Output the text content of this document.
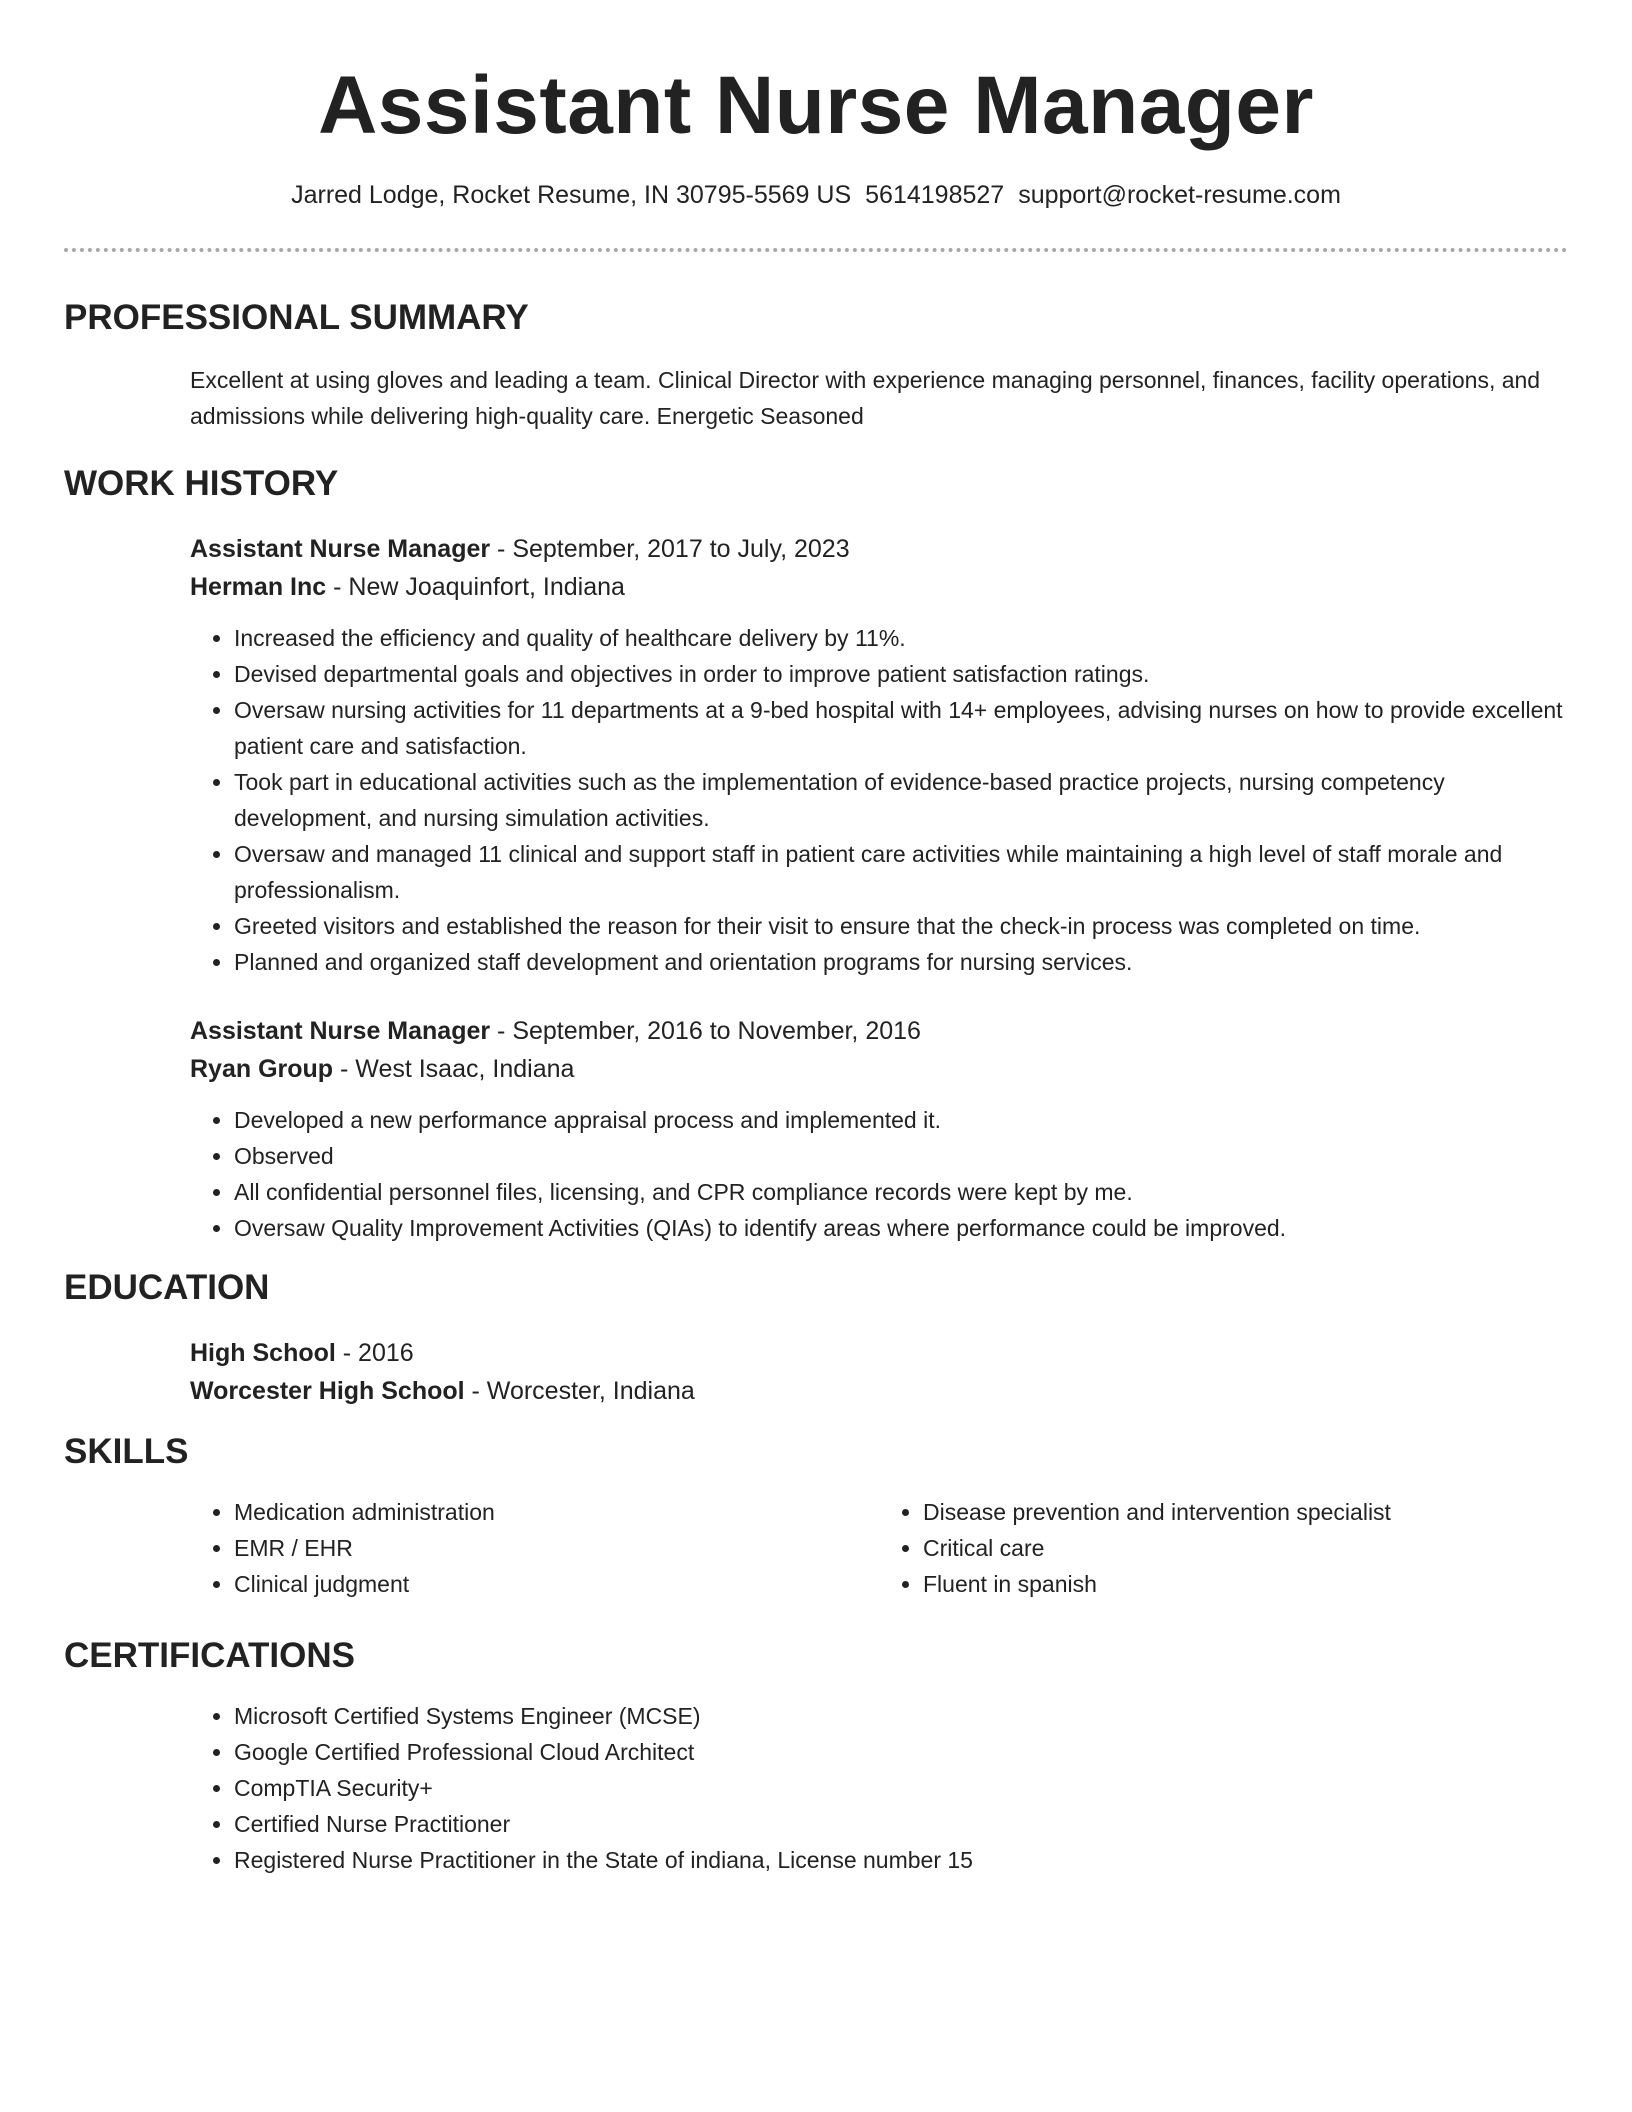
Assistant Nurse Manager
Jarred Lodge, Rocket Resume, IN 30795-5569 US 5614198527 support@rocket-resume.com
PROFESSIONAL SUMMARY
Excellent at using gloves and leading a team. Clinical Director with experience managing personnel, finances, facility operations, and admissions while delivering high-quality care. Energetic Seasoned
WORK HISTORY
Assistant Nurse Manager - September, 2017 to July, 2023
Herman Inc - New Joaquinfort, Indiana
• Increased the efficiency and quality of healthcare delivery by 11%.
• Devised departmental goals and objectives in order to improve patient satisfaction ratings.
• Oversaw nursing activities for 11 departments at a 9-bed hospital with 14+ employees, advising nurses on how to provide excellent patient care and satisfaction.
• Took part in educational activities such as the implementation of evidence-based practice projects, nursing competency development, and nursing simulation activities.
• Oversaw and managed 11 clinical and support staff in patient care activities while maintaining a high level of staff morale and professionalism.
• Greeted visitors and established the reason for their visit to ensure that the check-in process was completed on time.
• Planned and organized staff development and orientation programs for nursing services.
Assistant Nurse Manager - September, 2016 to November, 2016
Ryan Group - West Isaac, Indiana
• Developed a new performance appraisal process and implemented it.
• Observed
• All confidential personnel files, licensing, and CPR compliance records were kept by me.
• Oversaw Quality Improvement Activities (QIAs) to identify areas where performance could be improved.
EDUCATION
High School - 2016
Worcester High School - Worcester, Indiana
SKILLS
• Medication administration
• EMR / EHR
• Clinical judgment
• Disease prevention and intervention specialist
• Critical care
• Fluent in spanish
CERTIFICATIONS
• Microsoft Certified Systems Engineer (MCSE)
• Google Certified Professional Cloud Architect
• CompTIA Security+
• Certified Nurse Practitioner
• Registered Nurse Practitioner in the State of indiana, License number 15
